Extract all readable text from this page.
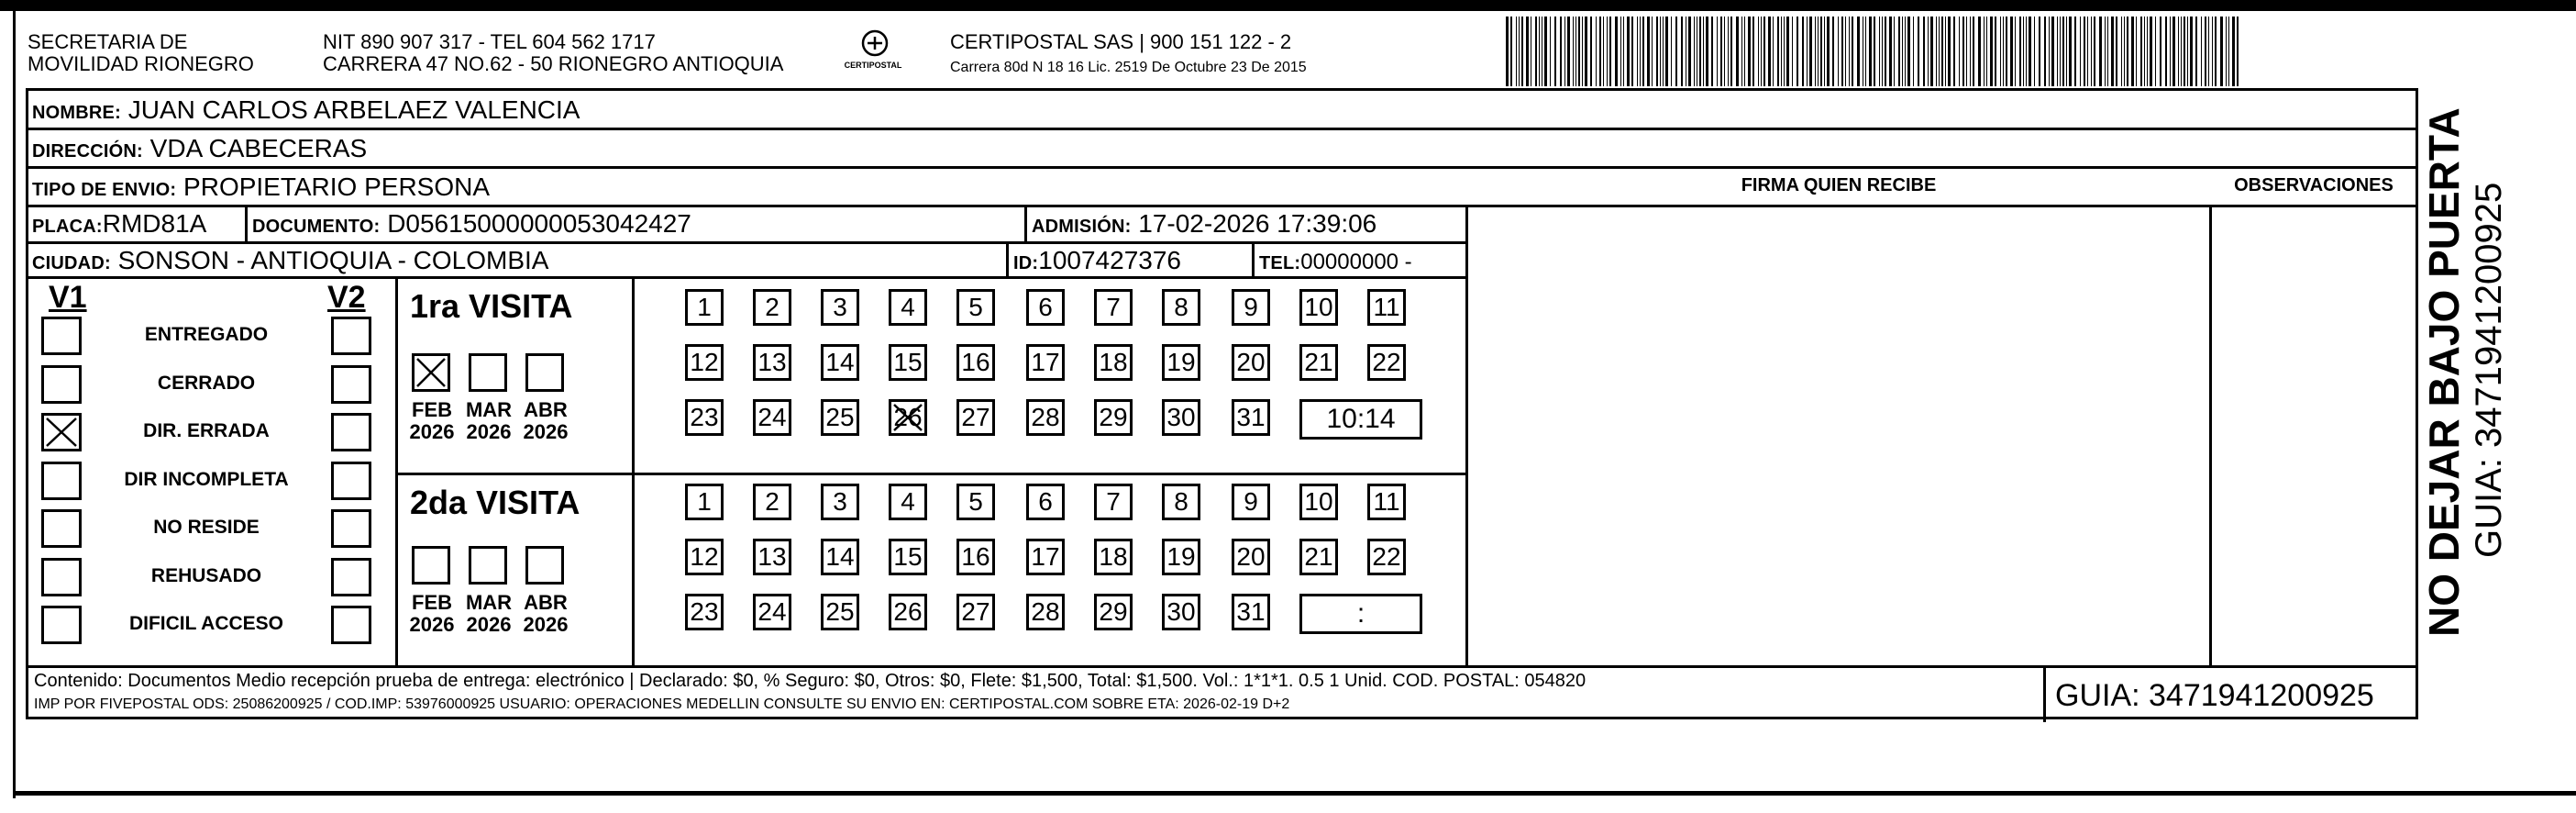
SECRETARIA DE
MOVILIDAD RIONEGRO
NIT 890 907 317 - TEL 604 562 1717
CARRERA 47 NO.62 - 50 RIONEGRO ANTIOQUIA	CERTIPOSTAL
CERTIPOSTAL SAS | 900 151 122 - 2
Carrera 80d N 18 16 Lic. 2519 De Octubre 23 De 2015
NOMBRE: JUAN CARLOS ARBELAEZ VALENCIA
DIRECCIÓN: VDA CABECERAS
TIPO DE ENVIO: PROPIETARIO PERSONA	FIRMA QUIEN RECIBE	OBSERVACIONES
PLACA:RMD81A DOCUMENTO: D05615000000053042427	ADMISIÓN: 17-02-2026 17:39:06
CIUDAD: SONSON - ANTIOQUIA - COLOMBIA	ID:1007427376	TEL:00000000 -
V1	V2
ENTREGADO
CERRADO
DIR. ERRADA
DIR INCOMPLETA
NO RESIDE
REHUSADO
DIFICIL ACCESO
1ra VISITA
FEB
2026
MAR
2026
ABR
2026
1	2	3	4	5	6	7	8	9	10 11
12 13 14 15 16 17 18 19 20 21 22
23 24 25 26 27 28 29 30 31	10:14
2da VISITA
FEB
2026
MAR
2026
ABR
2026
1	2	3	4	5	6	7	8	9	10 11
12 13 14 15 16 17 18 19 20 21 22
23 24 25 26 27 28 29 30 31	:
Contenido: Documentos Medio recepción prueba de entrega: electrónico | Declarado: $0, % Seguro: $0, Otros: $0, Flete: $1,500, Total: $1,500. Vol.: 1*1*1. 0.5 1 Unid. COD. POSTAL: 054820
IMP POR FIVEPOSTAL ODS: 25086200925 / COD.IMP: 53976000925 USUARIO: OPERACIONES MEDELLIN CONSULTE SU ENVIO EN: CERTIPOSTAL.COM SOBRE ETA: 2026-02-19 D+2	GUIA: 3471941200925
NO DEJAR BAJO PUERTA GUIA: 3471941200925
